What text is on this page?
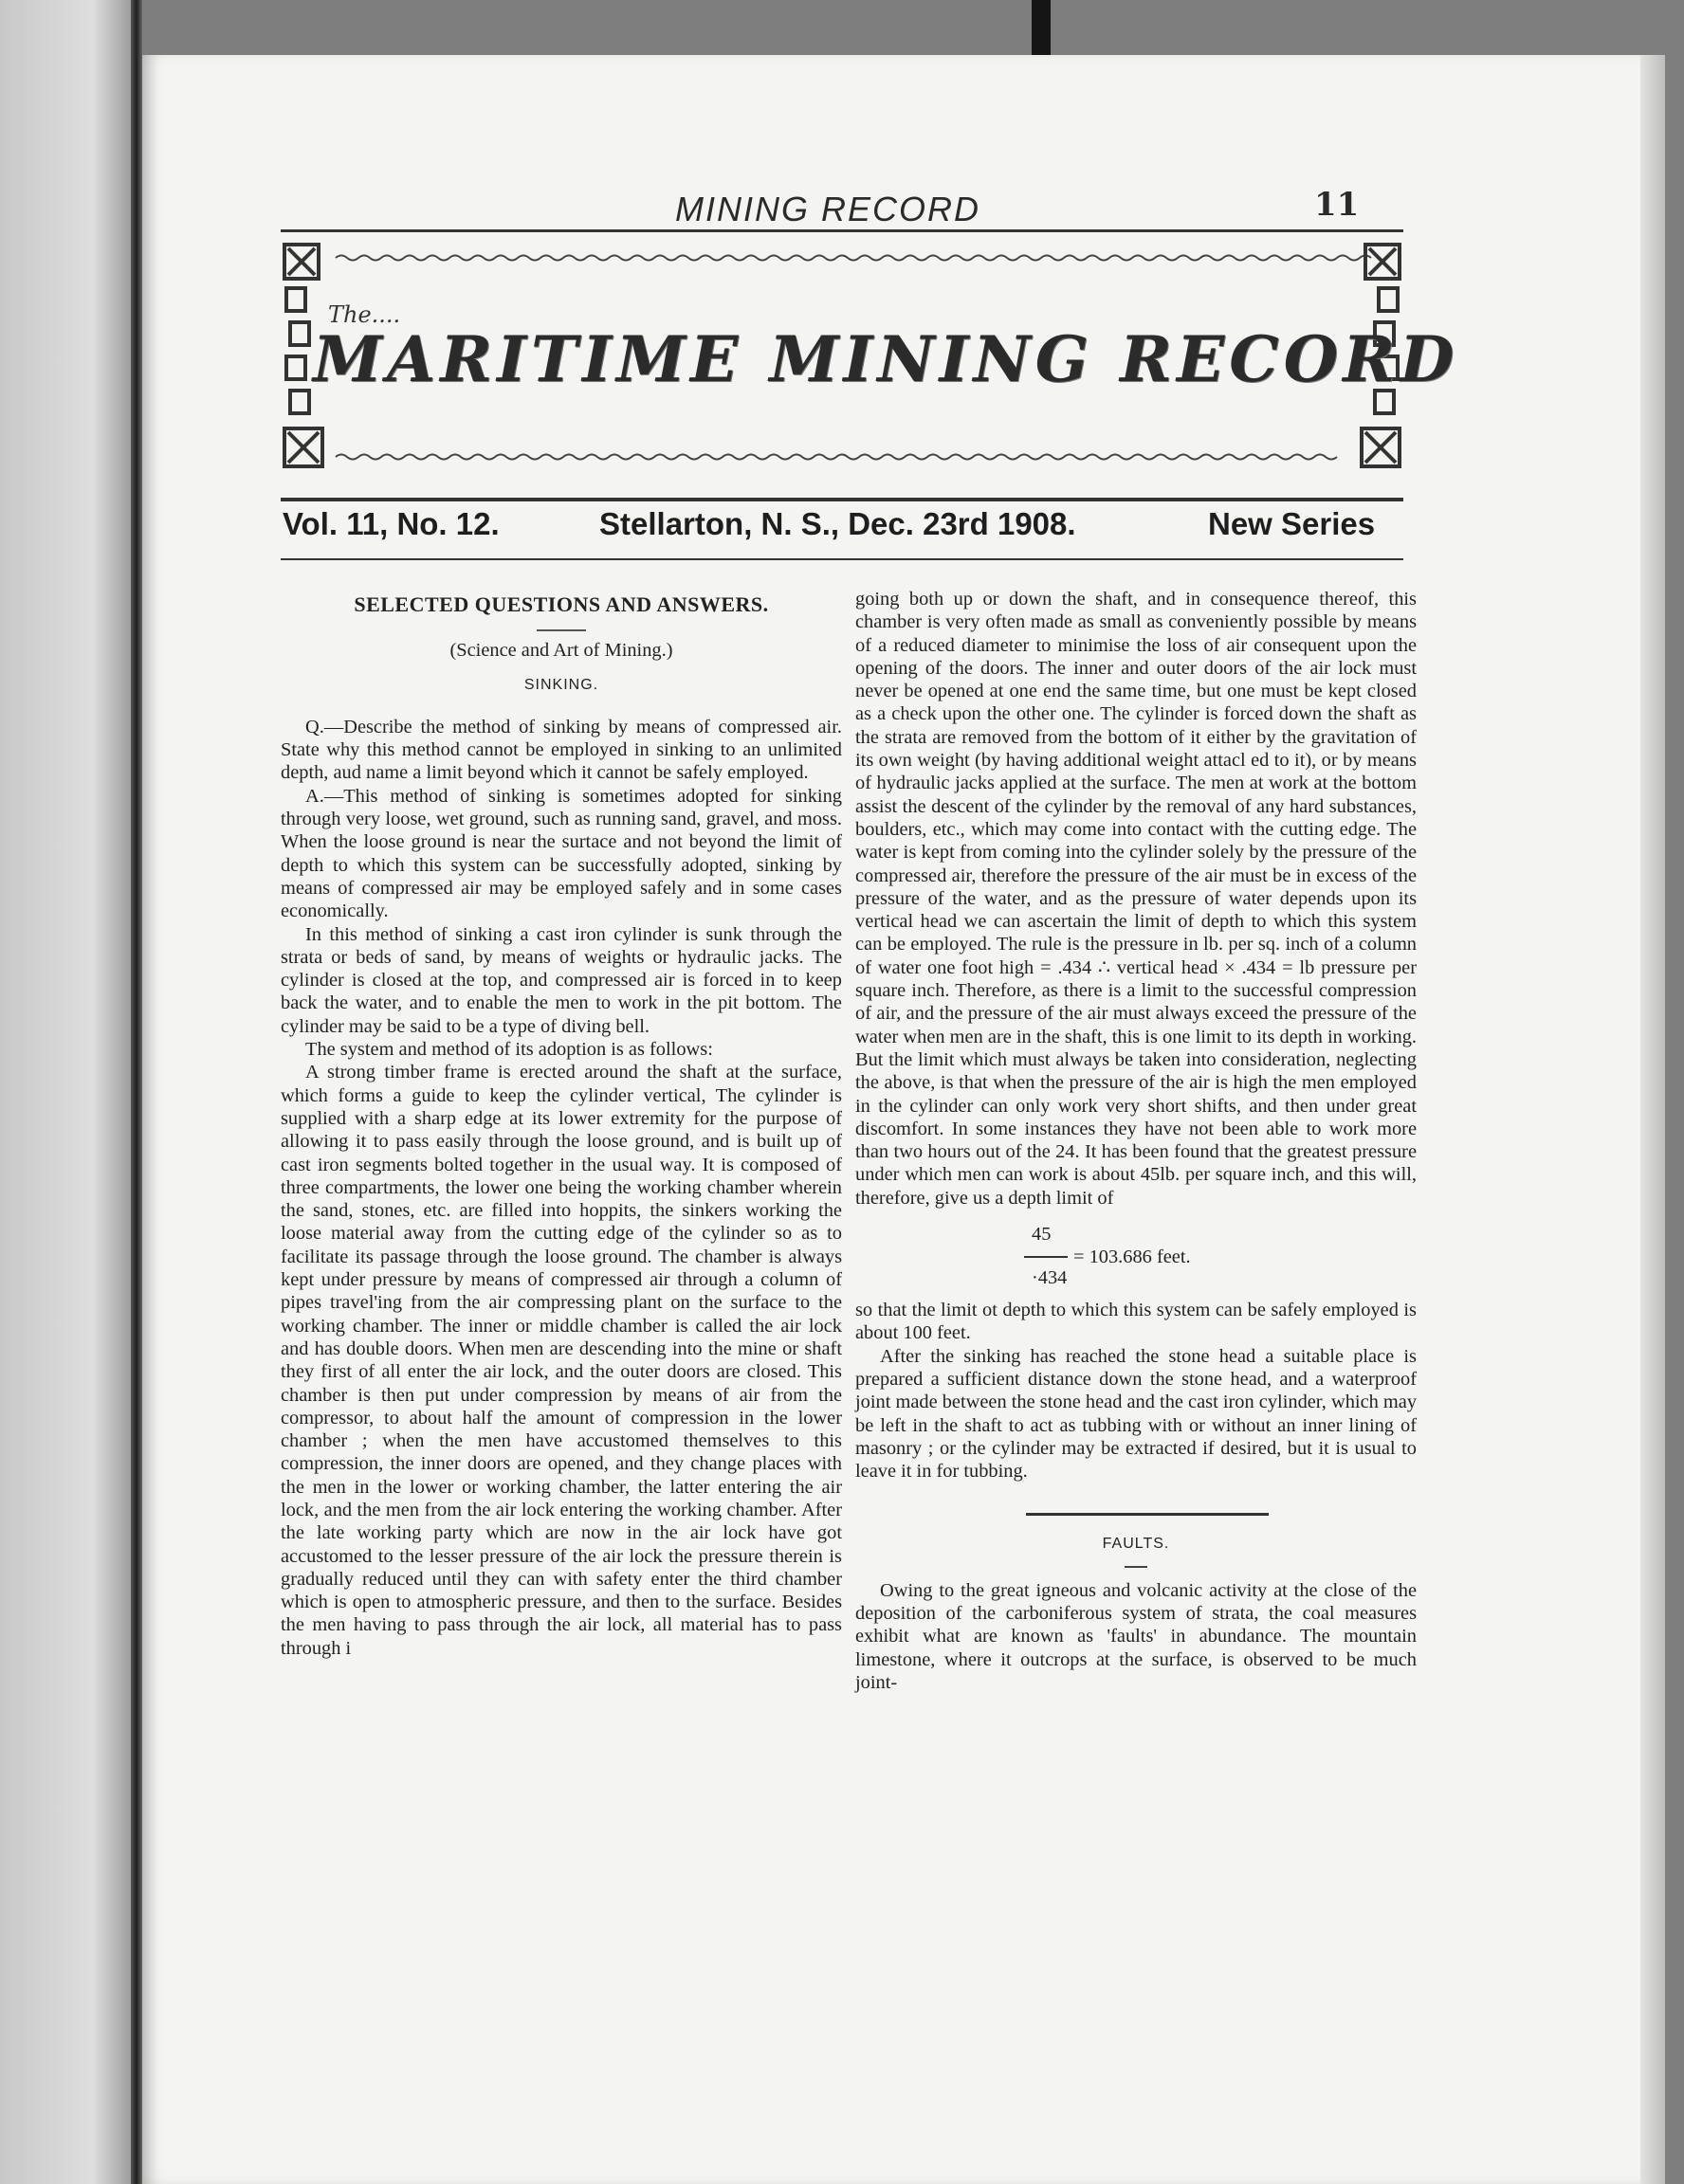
MINING RECORD	11
The....
MARITIME MINING RECORD
Vol. 11, No. 12.	Stellarton, N. S., Dec. 23rd 1908.	New Series
SELECTED QUESTIONS AND ANSWERS.
(Science and Art of Mining.)
SINKING.

Q.—Describe the method of sinking by means of compressed air. State why this method cannot be employed in sinking to an unlimited depth, aud name a limit beyond which it cannot be safely employed.

A.—This method of sinking is sometimes adopted for sinking through very loose, wet ground, such as running sand, gravel, and moss. When the loose ground is near the surtace and not beyond the limit of depth to which this system can be successfully adopted, sinking by means of compressed air may be employed safely and in some cases economically.

In this method of sinking a cast iron cylinder is sunk through the strata or beds of sand, by means of weights or hydraulic jacks. The cylinder is closed at the top, and compressed air is forced in to keep back the water, and to enable the men to work in the pit bottom. The cylinder may be said to be a type of diving bell.

The system and method of its adoption is as follows:

A strong timber frame is erected around the shaft at the surface, which forms a guide to keep the cylinder vertical, The cylinder is supplied with a sharp edge at its lower extremity for the purpose of allowing it to pass easily through the loose ground, and is built up of cast iron segments bolted together in the usual way. It is composed of three compartments, the lower one being the working chamber wherein the sand, stones, etc. are filled into hoppits, the sinkers working the loose material away from the cutting edge of the cylinder so as to facilitate its passage through the loose ground. The chamber is always kept under pressure by means of compressed air through a column of pipes travel'ing from the air compressing plant on the surface to the working chamber. The inner or middle chamber is called the air lock and has double doors. When men are descending into the mine or shaft they first of all enter the air lock, and the outer doors are closed. This chamber is then put under compression by means of air from the compressor, to about half the amount of compression in the lower chamber ; when the men have accustomed themselves to this compression, the inner doors are opened, and they change places with the men in the lower or working chamber, the latter entering the air lock, and the men from the air lock entering the working chamber. After the late working party which are now in the air lock have got accustomed to the lesser pressure of the air lock the pressure therein is gradually reduced until they can with safety enter the third chamber which is open to atmospheric pressure, and then to the surface. Besides the men having to pass through the air lock, all material has to pass through i

going both up or down the shaft, and in consequence thereof, this chamber is very often made as small as conveniently possible by means of a reduced diameter to minimise the loss of air consequent upon the opening of the doors. The inner and outer doors of the air lock must never be opened at one end the same time, but one must be kept closed as a check upon the other one. The cylinder is forced down the shaft as the strata are removed from the bottom of it either by the gravitation of its own weight (by having additional weight attacl ed to it), or by means of hydraulic jacks applied at the surface. The men at work at the bottom assist the descent of the cylinder by the removal of any hard substances, boulders, etc., which may come into contact with the cutting edge. The water is kept from coming into the cylinder solely by the pressure of the compressed air, therefore the pressure of the air must be in excess of the pressure of the water, and as the pressure of water depends upon its vertical head we can ascertain the limit of depth to which this system can be employed. The rule is the pressure in lb. per sq. inch of a column of water one foot high = .434 ∴ vertical head × .434 = lb pressure per square inch. Therefore, as there is a limit to the successful compression of air, and the pressure of the air must always exceed the pressure of the water when men are in the shaft, this is one limit to its depth in working. But the limit which must always be taken into consideration, neglecting the above, is that when the pressure of the air is high the men employed in the cylinder can only work very short shifts, and then under great discomfort. In some instances they have not been able to work more than two hours out of the 24. It has been found that the greatest pressure under which men can work is about 45lb. per square inch, and this will, therefore, give us a depth limit of

45
= 103.686 feet.
·434

so that the limit ot depth to which this system can be safely employed is about 100 feet.

After the sinking has reached the stone head a suitable place is prepared a sufficient distance down the stone head, and a waterproof joint made between the stone head and the cast iron cylinder, which may be left in the shaft to act as tubbing with or without an inner lining of masonry ; or the cylinder may be extracted if desired, but it is usual to leave it in for tubbing.

FAULTS.

Owing to the great igneous and volcanic activity at the close of the deposition of the carboniferous system of strata, the coal measures exhibit what are known as 'faults' in abundance. The mountain limestone, where it outcrops at the surface, is observed to be much joint-
